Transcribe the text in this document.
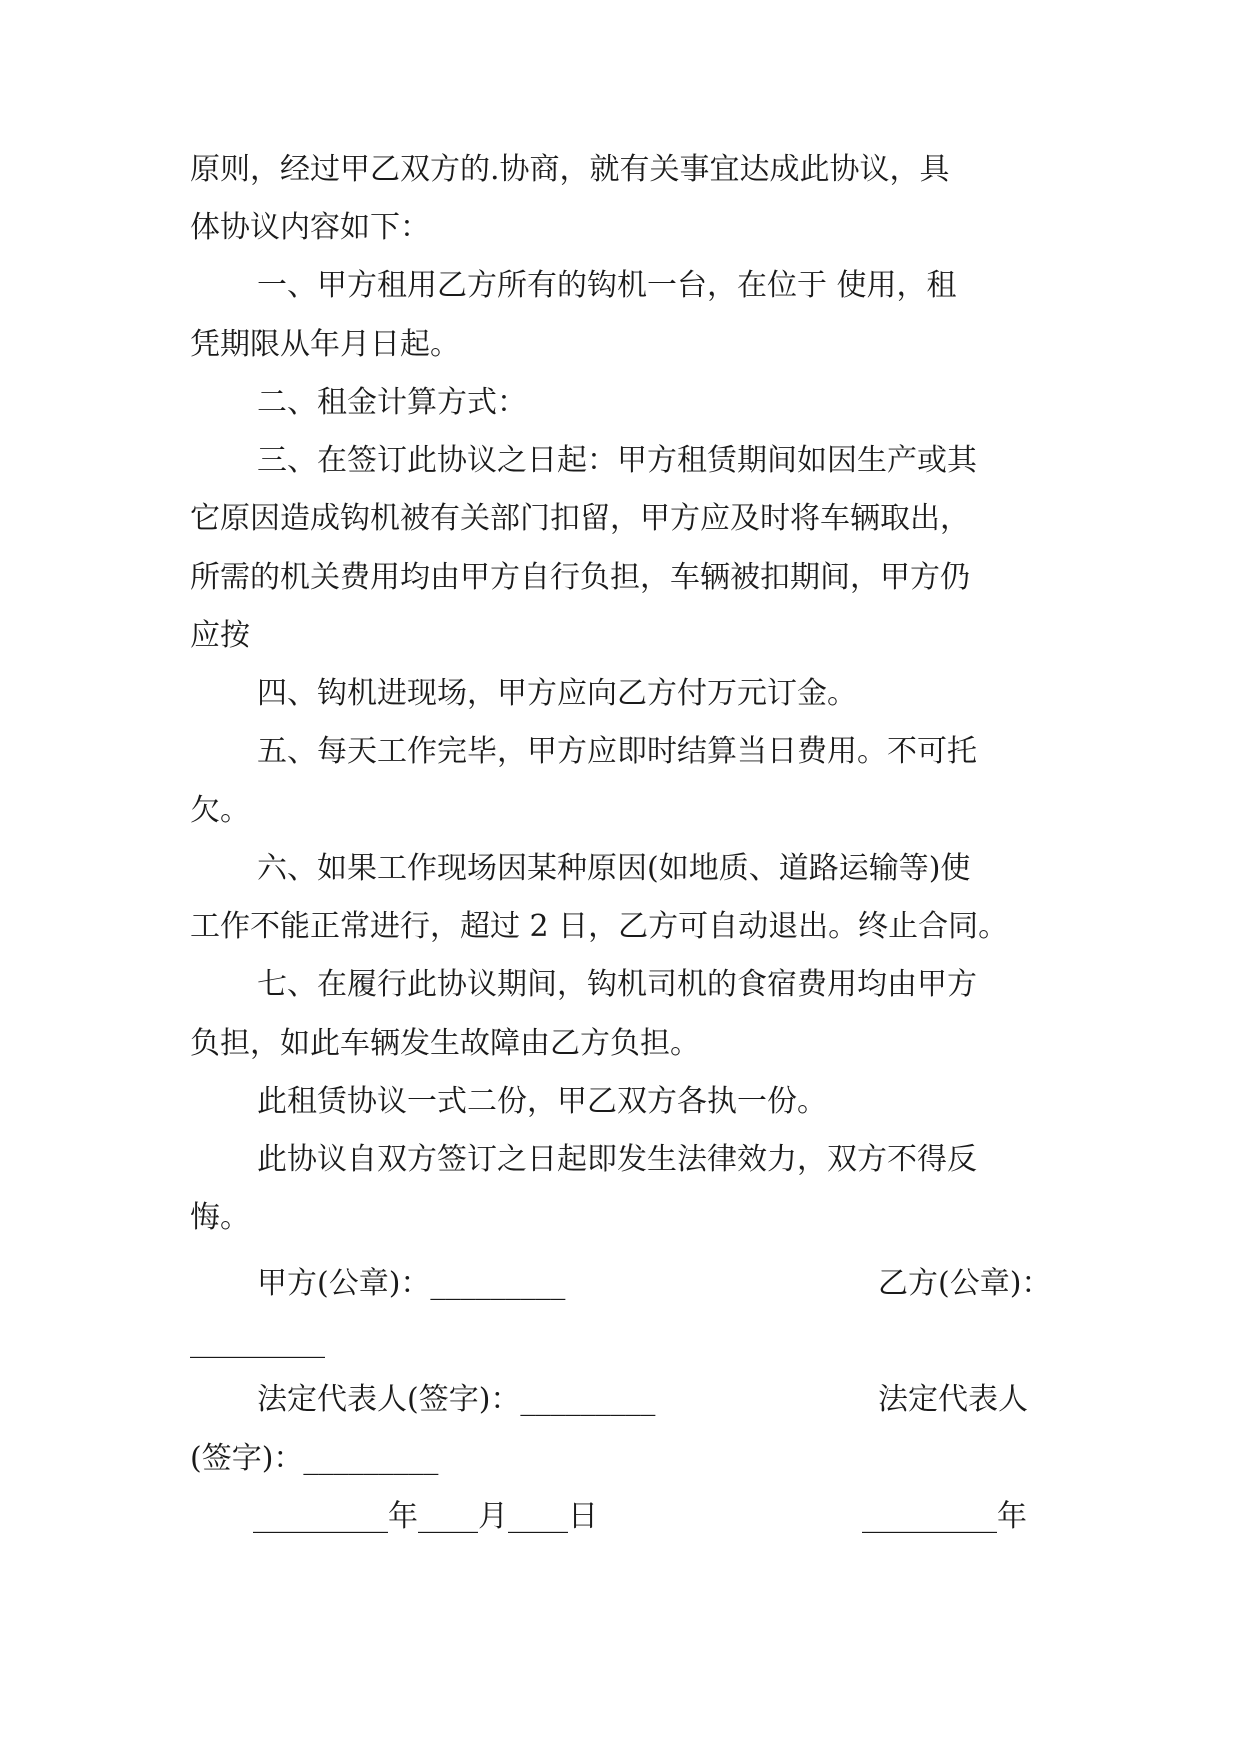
原则，经过甲乙双方的.协商，就有关事宜达成此协议，具

体协议内容如下：

一、甲方租用乙方所有的钩机一台，在位于 使用，租

凭期限从年月日起。

二、租金计算方式：

三、在签订此协议之日起：甲方租赁期间如因生产或其

它原因造成钩机被有关部门扣留，甲方应及时将车辆取出，

所需的机关费用均由甲方自行负担，车辆被扣期间，甲方仍

应按

四、钩机进现场，甲方应向乙方付万元订金。

五、每天工作完毕，甲方应即时结算当日费用。不可托

欠。

六、如果工作现场因某种原因(如地质、道路运输等)使

工作不能正常进行，超过 2 日，乙方可自动退出。终止合同。

七、在履行此协议期间，钩机司机的食宿费用均由甲方

负担，如此车辆发生故障由乙方负担。

此租赁协议一式二份，甲乙双方各执一份。

此协议自双方签订之日起即发生法律效力，双方不得反

悔。

甲方(公章)：_________	乙方(公章)：

_________

法定代表人(签字)：_________	法定代表人

(签字)：_________

_________年____月____日	_________年
